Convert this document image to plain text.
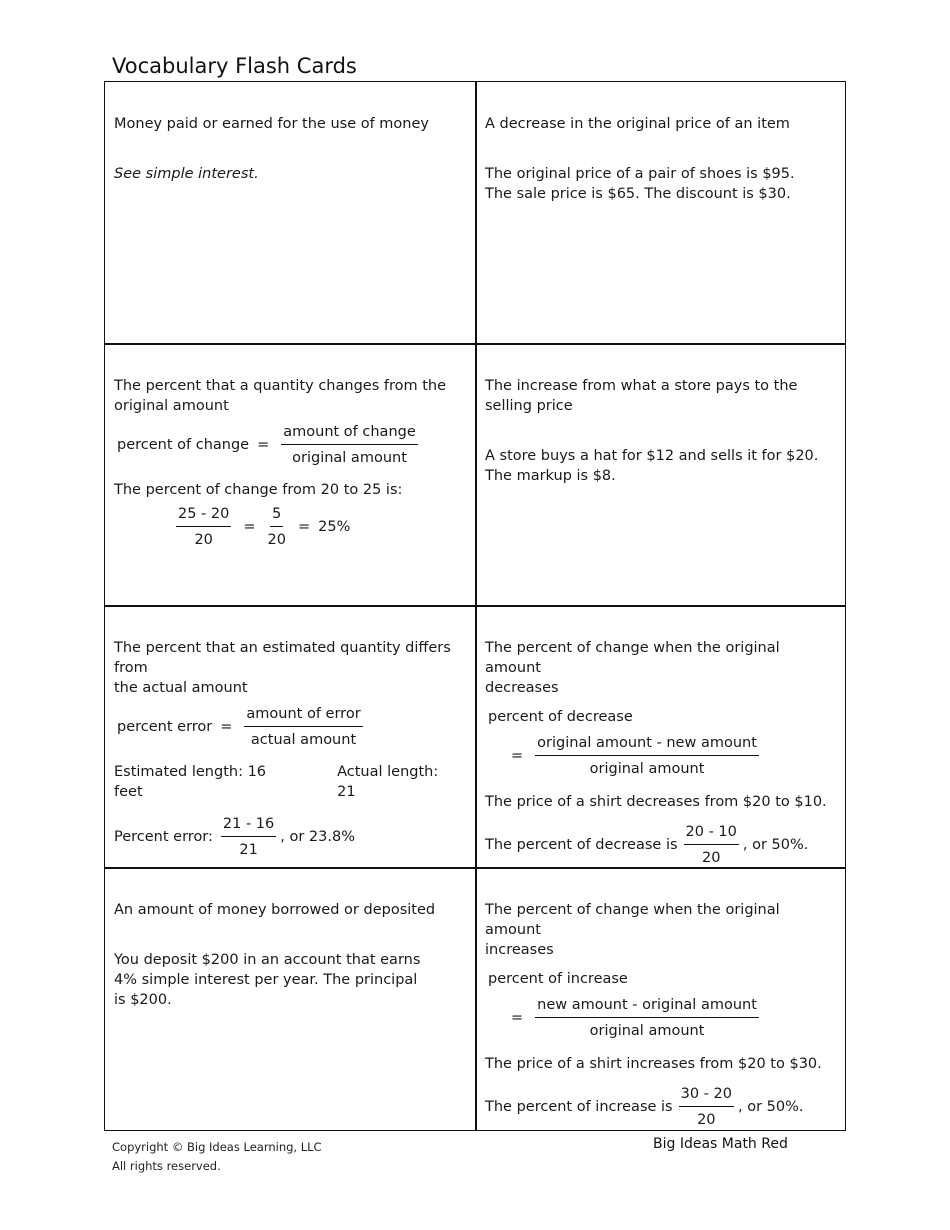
Vocabulary Flash Cards

Money paid or earned for the use of money

See simple interest.

A decrease in the original price of an item

The original price of a pair of shoes is $95.

The sale price is $65. The discount is $30.

The percent that a quantity changes from the

original amount

percent of change = $\frac{\text{amount of change}}{\text{original amount}}$

The percent of change from 20 to 25 is:

$\frac{25 - 20}{20} = \frac{5}{20} = 25\%$

The increase from what a store pays to the

selling price

A store buys a hat for $12 and sells it for $20.

The markup is $8.

The percent that an estimated quantity differs from

the actual amount

percent error = $\frac{\text{amount of error}}{\text{actual amount}}$
Estimated length: 16 feet
Actual length: 21
Percent error: $\frac{21 - 16}{21}$ , or 23.8%

The percent of change when the original amount

decreases

percent of decrease

= $\frac{\text{original amount - new amount}}{\text{original amount}}$

The price of a shirt decreases from $20 to $10.

The percent of decrease is $\frac{20 - 10}{20}$ , or 50%.

An amount of money borrowed or deposited

You deposit $200 in an account that earns

4% simple interest per year. The principal

is $200.

The percent of change when the original amount

increases

percent of increase

= $\frac{\text{new amount - original amount}}{\text{original amount}}$

The price of a shirt increases from $20 to $30.

The percent of increase is $\frac{30 - 20}{20}$ , or 50%.
Copyright © Big Ideas Learning, LLC
All rights reserved.
Big Ideas Math Red
